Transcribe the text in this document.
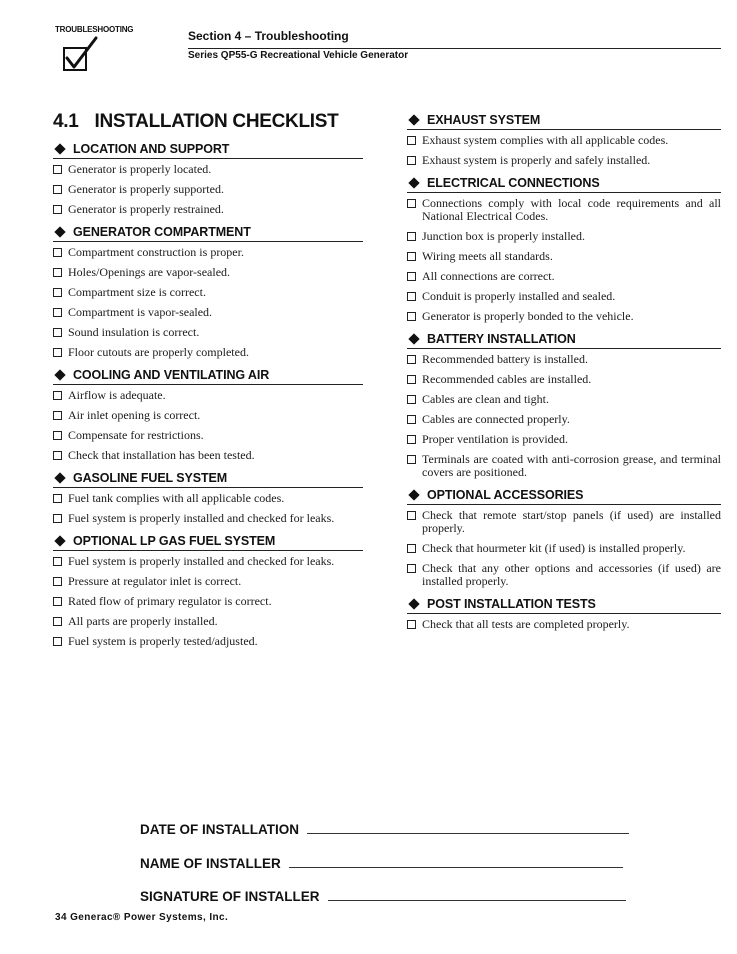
TROUBLESHOOTING	Section 4 – Troubleshooting
Series QP55-G Recreational Vehicle Generator
4.1 INSTALLATION CHECKLIST
LOCATION AND SUPPORT
Generator is properly located.
Generator is properly supported.
Generator is properly restrained.
GENERATOR COMPARTMENT
Compartment construction is proper.
Holes/Openings are vapor-sealed.
Compartment size is correct.
Compartment is vapor-sealed.
Sound insulation is correct.
Floor cutouts are properly completed.
COOLING AND VENTILATING AIR
Airflow is adequate.
Air inlet opening is correct.
Compensate for restrictions.
Check that installation has been tested.
GASOLINE FUEL SYSTEM
Fuel tank complies with all applicable codes.
Fuel system is properly installed and checked for leaks.
OPTIONAL LP GAS FUEL SYSTEM
Fuel system is properly installed and checked for leaks.
Pressure at regulator inlet is correct.
Rated flow of primary regulator is correct.
All parts are properly installed.
Fuel system is properly tested/adjusted.
EXHAUST SYSTEM
Exhaust system complies with all applicable codes.
Exhaust system is properly and safely installed.
ELECTRICAL CONNECTIONS
Connections comply with local code requirements and all National Electrical Codes.
Junction box is properly installed.
Wiring meets all standards.
All connections are correct.
Conduit is properly installed and sealed.
Generator is properly bonded to the vehicle.
BATTERY INSTALLATION
Recommended battery is installed.
Recommended cables are installed.
Cables are clean and tight.
Cables are connected properly.
Proper ventilation is provided.
Terminals are coated with anti-corrosion grease, and terminal covers are positioned.
OPTIONAL ACCESSORIES
Check that remote start/stop panels (if used) are installed properly.
Check that hourmeter kit (if used) is installed properly.
Check that any other options and accessories (if used) are installed properly.
POST INSTALLATION TESTS
Check that all tests are completed properly.
DATE OF INSTALLATION
NAME OF INSTALLER
SIGNATURE OF INSTALLER
34 Generac® Power Systems, Inc.
